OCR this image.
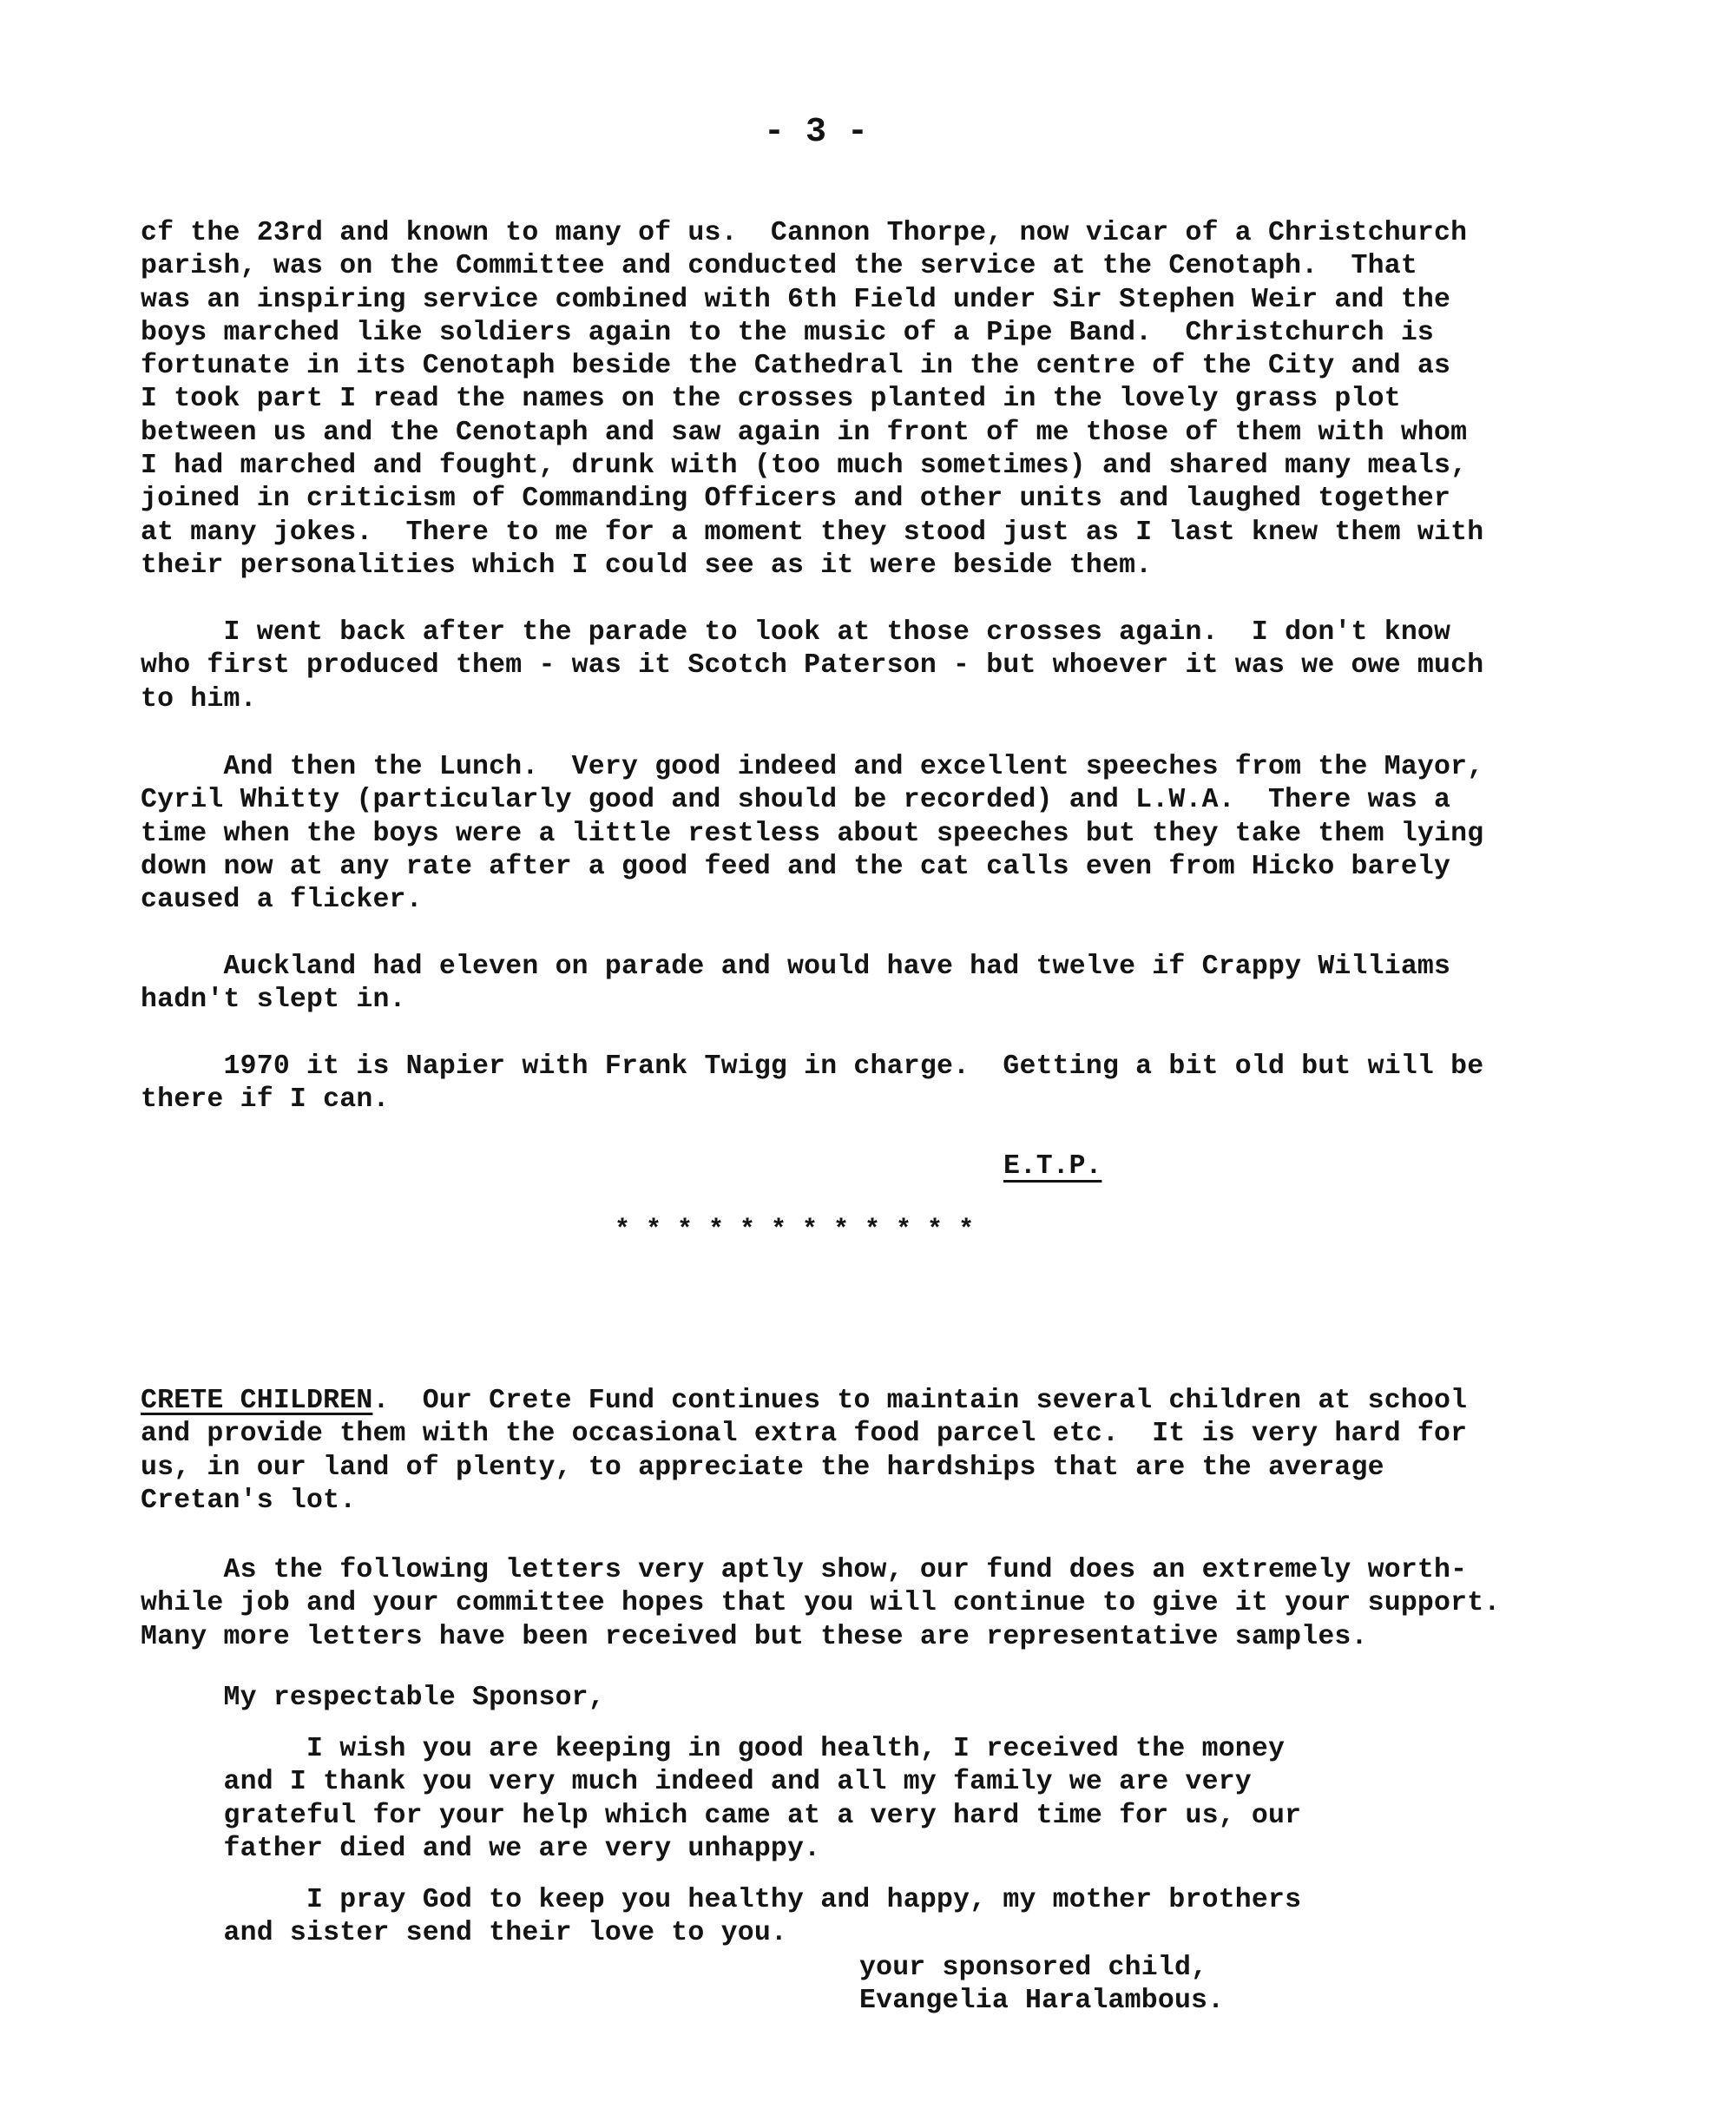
- 3 -
cf the 23rd and known to many of us.  Cannon Thorpe, now vicar of a Christchurch
parish, was on the Committee and conducted the service at the Cenotaph.  That
was an inspiring service combined with 6th Field under Sir Stephen Weir and the
boys marched like soldiers again to the music of a Pipe Band.  Christchurch is
fortunate in its Cenotaph beside the Cathedral in the centre of the City and as
I took part I read the names on the crosses planted in the lovely grass plot
between us and the Cenotaph and saw again in front of me those of them with whom
I had marched and fought, drunk with (too much sometimes) and shared many meals,
joined in criticism of Commanding Officers and other units and laughed together
at many jokes.  There to me for a moment they stood just as I last knew them with
their personalities which I could see as it were beside them.
I went back after the parade to look at those crosses again.  I don't know
who first produced them - was it Scotch Paterson - but whoever it was we owe much
to him.
And then the Lunch.  Very good indeed and excellent speeches from the Mayor,
Cyril Whitty (particularly good and should be recorded) and L.W.A.  There was a
time when the boys were a little restless about speeches but they take them lying
down now at any rate after a good feed and the cat calls even from Hicko barely
caused a flicker.
Auckland had eleven on parade and would have had twelve if Crappy Williams
hadn't slept in.
1970 it is Napier with Frank Twigg in charge.  Getting a bit old but will be
there if I can.
E.T.P.
* * * * * * * * * * * *
CRETE CHILDREN.  Our Crete Fund continues to maintain several children at school
and provide them with the occasional extra food parcel etc.  It is very hard for
us, in our land of plenty, to appreciate the hardships that are the average
Cretan's lot.
As the following letters very aptly show, our fund does an extremely worth-
while job and your committee hopes that you will continue to give it your support.
Many more letters have been received but these are representative samples.
My respectable Sponsor,
I wish you are keeping in good health, I received the money
and I thank you very much indeed and all my family we are very
grateful for your help which came at a very hard time for us, our
father died and we are very unhappy.
I pray God to keep you healthy and happy, my mother brothers
and sister send their love to you.
your sponsored child,
Evangelia Haralambous.
